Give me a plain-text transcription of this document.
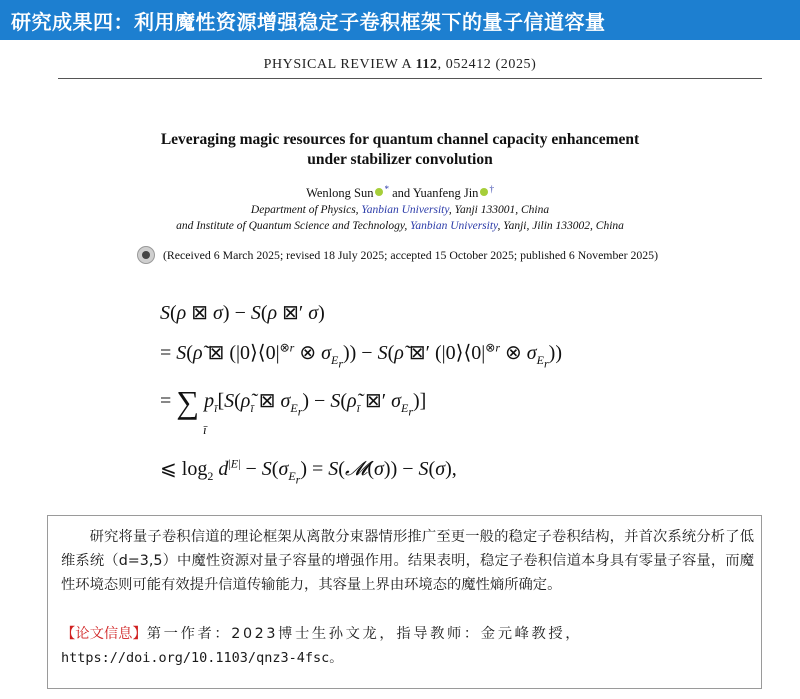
研究成果四：利用魔性资源增强稳定子卷积框架下的量子信道容量
PHYSICAL REVIEW A 112, 052412 (2025)
Leveraging magic resources for quantum channel capacity enhancement
under stabilizer convolution
Wenlong Sun * and Yuanfeng Jin †
Department of Physics, Yanbian University, Yanji 133001, China
and Institute of Quantum Science and Technology, Yanbian University, Yanji, Jilin 133002, China
(Received 6 March 2025; revised 18 July 2025; accepted 15 October 2025; published 6 November 2025)
S(ρ ⊠ σ) − S(ρ ⊠′ σ)
= S(ρ̃ ⊠ ($|0⟩⟨0|^{\otimes r}$ ⊗ $\sigma_{E_r}$)) − S(ρ̃ ⊠′ ($|0⟩⟨0|^{\otimes r}$ ⊗ $\sigma_{E_r}$))
= ∑ $p_ī[S(\rhõ_ī$ ⊠ $\sigma_{E_r}$) − $S(\rhõ_ī$ ⊠′ $\sigma_{E_r}$)]
ī
⩽ $\log_2 d^{|E|} - S(\sigma_{E_r})$ = S(𝓜(σ)) − S(σ),
研究将量子卷积信道的理论框架从离散分束器情形推广至更一般的稳定子卷积结构，并首次系统分析了低维系统（d=3,5）中魔性资源对量子容量的增强作用。结果表明，稳定子卷积信道本身具有零量子容量，而魔性环境态则可能有效提升信道传输能力，其容量上界由环境态的魔性熵所确定。
【论文信息】第一作者：2023博士生孙文龙，指导教师：金元峰教授，
https://doi.org/10.1103/qnz3-4fsc。
